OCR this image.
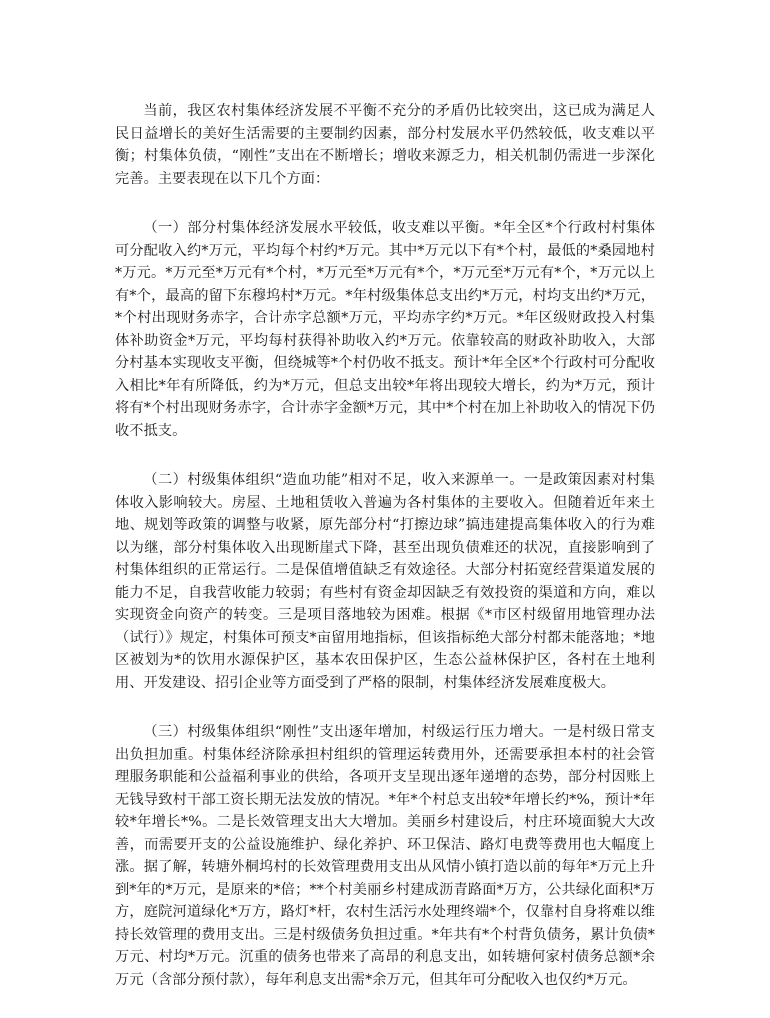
当前，我区农村集体经济发展不平衡不充分的矛盾仍比较突出，这已成为满足人民日益增长的美好生活需要的主要制约因素，部分村发展水平仍然较低，收支难以平衡；村集体负债，“刚性”支出在不断增长；增收来源乏力，相关机制仍需进一步深化完善。主要表现在以下几个方面：

（一）部分村集体经济发展水平较低，收支难以平衡。*年全区*个行政村村集体可分配收入约*万元，平均每个村约*万元。其中*万元以下有*个村，最低的*桑园地村*万元。*万元至*万元有*个村，*万元至*万元有*个，*万元至*万元有*个，*万元以上有*个，最高的留下东穆坞村*万元。*年村级集体总支出约*万元，村均支出约*万元，*个村出现财务赤字，合计赤字总额*万元，平均赤字约*万元。*年区级财政投入村集体补助资金*万元，平均每村获得补助收入约*万元。依靠较高的财政补助收入，大部分村基本实现收支平衡，但绕城等*个村仍收不抵支。预计*年全区*个行政村可分配收入相比*年有所降低，约为*万元，但总支出较*年将出现较大增长，约为*万元，预计将有*个村出现财务赤字，合计赤字金额*万元，其中*个村在加上补助收入的情况下仍收不抵支。

（二）村级集体组织“造血功能”相对不足，收入来源单一。一是政策因素对村集体收入影响较大。房屋、土地租赁收入普遍为各村集体的主要收入。但随着近年来土地、规划等政策的调整与收紧，原先部分村“打擦边球”搞违建提高集体收入的行为难以为继，部分村集体收入出现断崖式下降，甚至出现负债难还的状况，直接影响到了村集体组织的正常运行。二是保值增值缺乏有效途径。大部分村拓宽经营渠道发展的能力不足，自我营收能力较弱；有些村有资金却因缺乏有效投资的渠道和方向，难以实现资金向资产的转变。三是项目落地较为困难。根据《*市区村级留用地管理办法（试行）》规定，村集体可预支*亩留用地指标，但该指标绝大部分村都未能落地；*地区被划为*的饮用水源保护区，基本农田保护区，生态公益林保护区，各村在土地利用、开发建设、招引企业等方面受到了严格的限制，村集体经济发展难度极大。

（三）村级集体组织“刚性”支出逐年增加，村级运行压力增大。一是村级日常支出负担加重。村集体经济除承担村组织的管理运转费用外，还需要承担本村的社会管理服务职能和公益福利事业的供给，各项开支呈现出逐年递增的态势，部分村因账上无钱导致村干部工资长期无法发放的情况。*年*个村总支出较*年增长约*%，预计*年较*年增长*%。二是长效管理支出大大增加。美丽乡村建设后，村庄环境面貌大大改善，而需要开支的公益设施维护、绿化养护、环卫保洁、路灯电费等费用也大幅度上涨。据了解，转塘外桐坞村的长效管理费用支出从风情小镇打造以前的每年*万元上升到*年的*万元，是原来的*倍；**个村美丽乡村建成沥青路面*万方，公共绿化面积*万方，庭院河道绿化*万方，路灯*杆，农村生活污水处理终端*个，仅靠村自身将难以维持长效管理的费用支出。三是村级债务负担过重。*年共有*个村背负债务，累计负债*万元、村均*万元。沉重的债务也带来了高昂的利息支出，如转塘何家村债务总额*余万元（含部分预付款），每年利息支出需*余万元，但其年可分配收入也仅约*万元。
